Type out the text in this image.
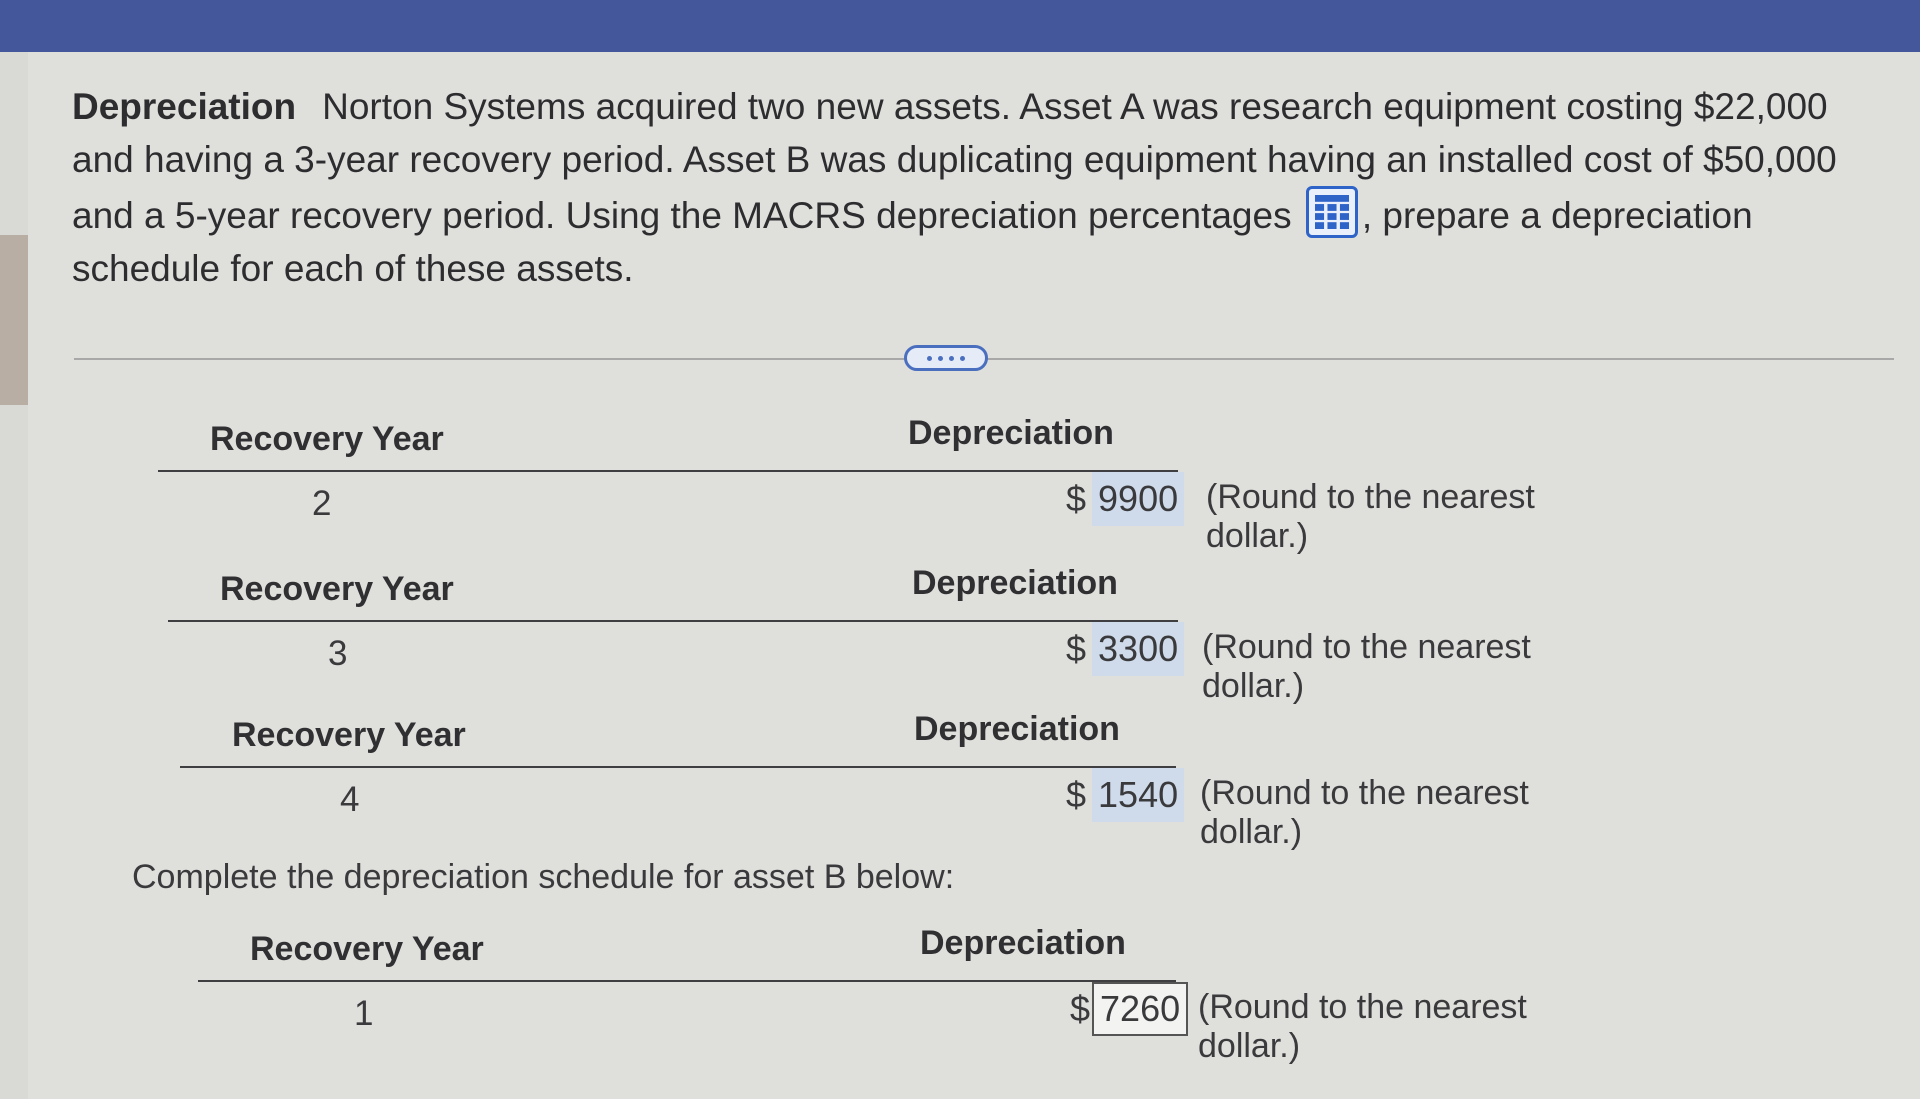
Depreciation Norton Systems acquired two new assets. Asset A was research equipment costing $22,000 and having a 3-year recovery period. Asset B was duplicating equipment having an installed cost of $50,000 and a 5-year recovery period. Using the MACRS depreciation percentages , prepare a depreciation schedule for each of these assets.
Recovery Year	Depreciation
2	$ 9900 (Round to the nearest dollar.)
Recovery Year	Depreciation
3	$ 3300 (Round to the nearest dollar.)
Recovery Year	Depreciation
4	$ 1540 (Round to the nearest dollar.)
Complete the depreciation schedule for asset B below:
Recovery Year	Depreciation
1	$ 7260 (Round to the nearest dollar.)
